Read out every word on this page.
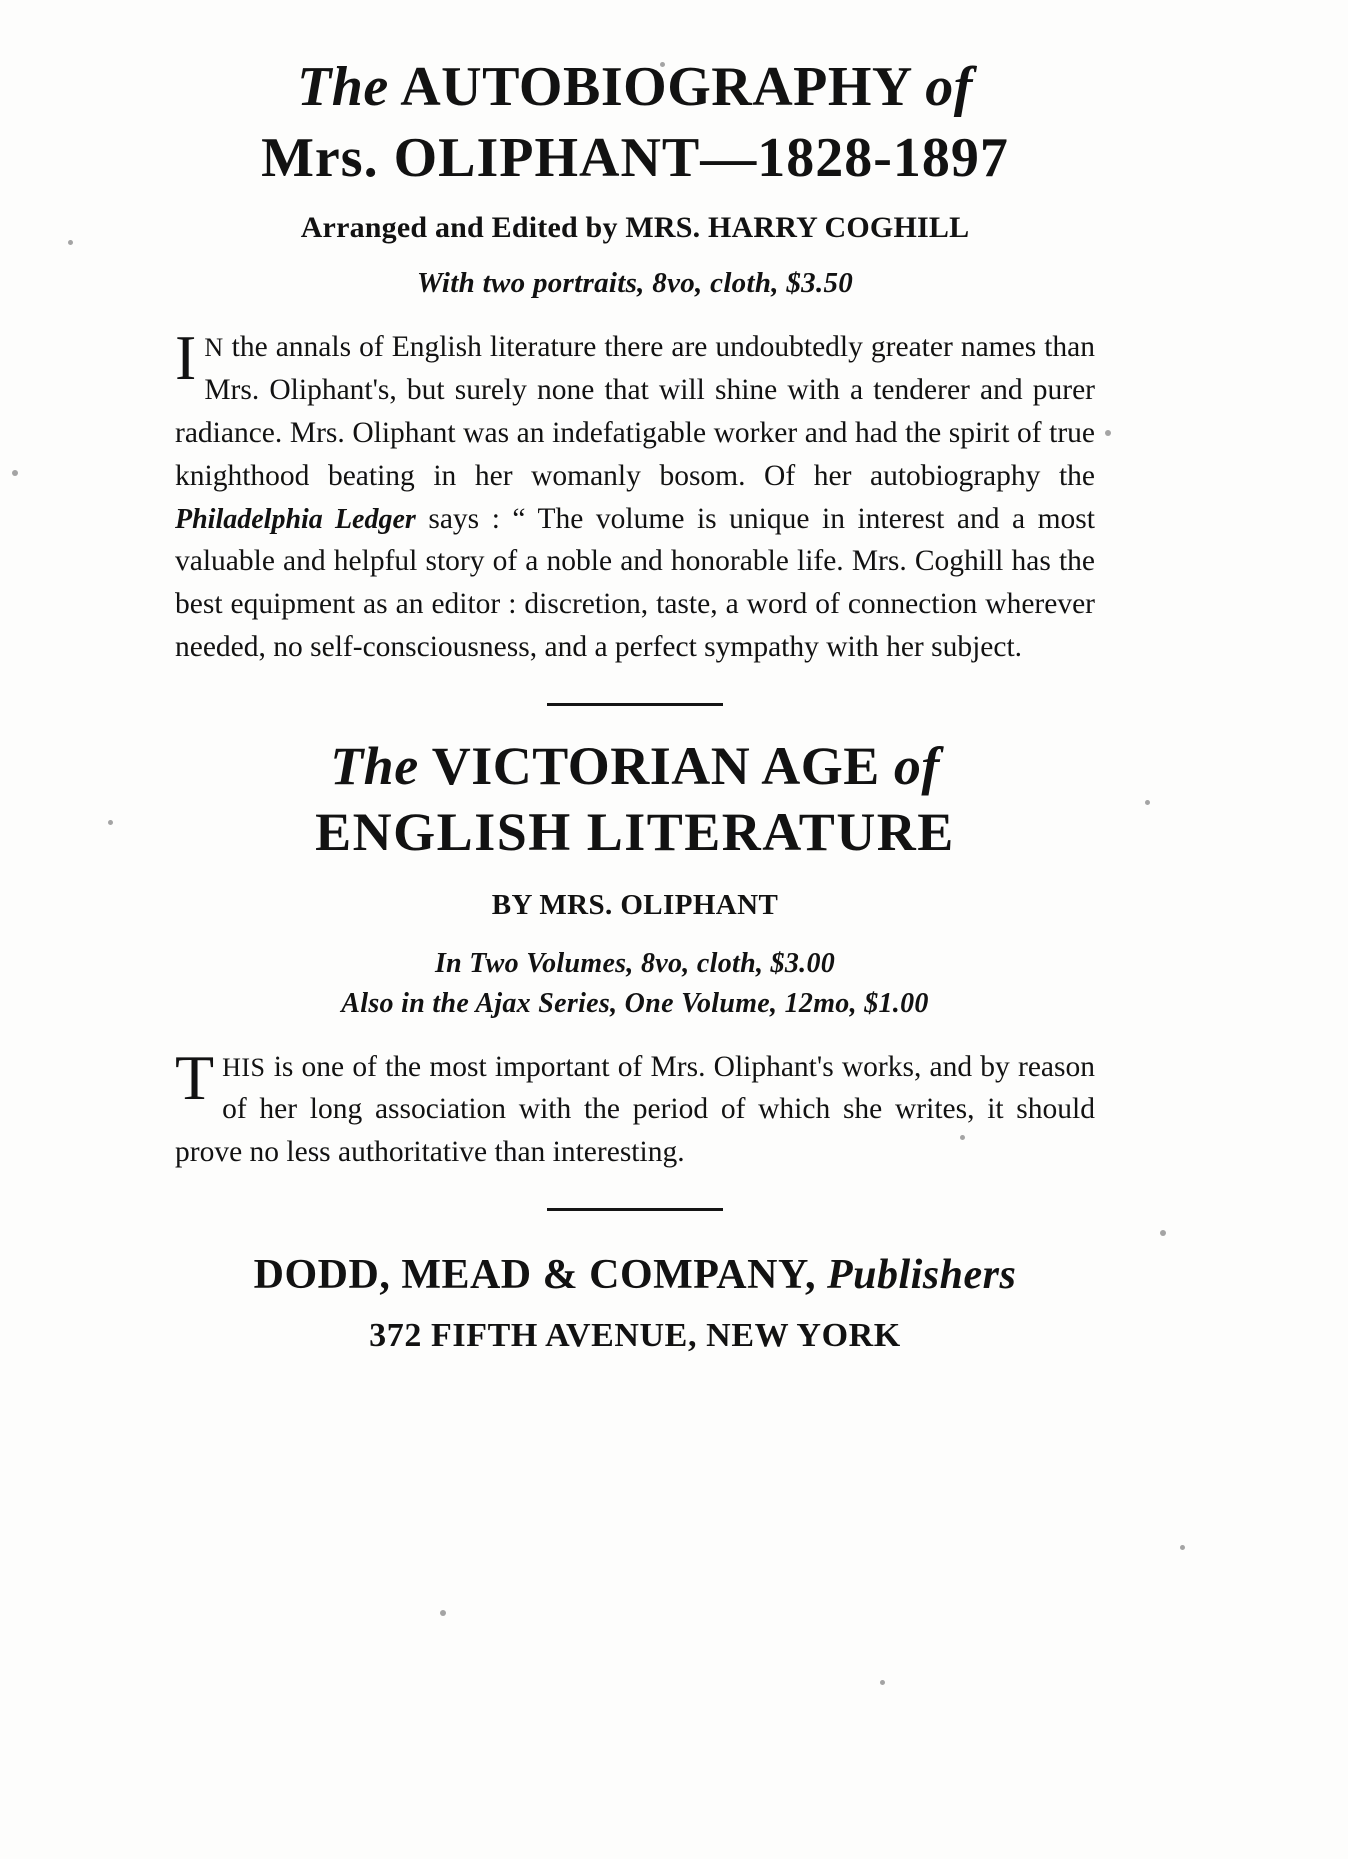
The AUTOBIOGRAPHY of
Mrs. OLIPHANT—1828-1897
Arranged and Edited by MRS. HARRY COGHILL
With two portraits, 8vo, cloth, $3.50
I N the annals of English literature there are undoubtedly greater names than Mrs. Oliphant's, but surely none that will shine with a tenderer and purer radiance. Mrs. Oliphant was an indefatigable worker and had the spirit of true knighthood beating in her womanly bosom. Of her autobiography the Philadelphia Ledger says : “ The volume is unique in interest and a most valuable and helpful story of a noble and honorable life. Mrs. Coghill has the best equipment as an editor : discretion, taste, a word of connection wherever needed, no self-consciousness, and a perfect sympathy with her subject.
The VICTORIAN AGE of
ENGLISH LITERATURE
BY MRS. OLIPHANT
In Two Volumes, 8vo, cloth, $3.00
Also in the Ajax Series, One Volume, 12mo, $1.00
THIS is one of the most important of Mrs. Oliphant's works, and by reason of her long association with the period of which she writes, it should prove no less authoritative than interesting.
DODD, MEAD & COMPANY, Publishers
372 FIFTH AVENUE, NEW YORK
